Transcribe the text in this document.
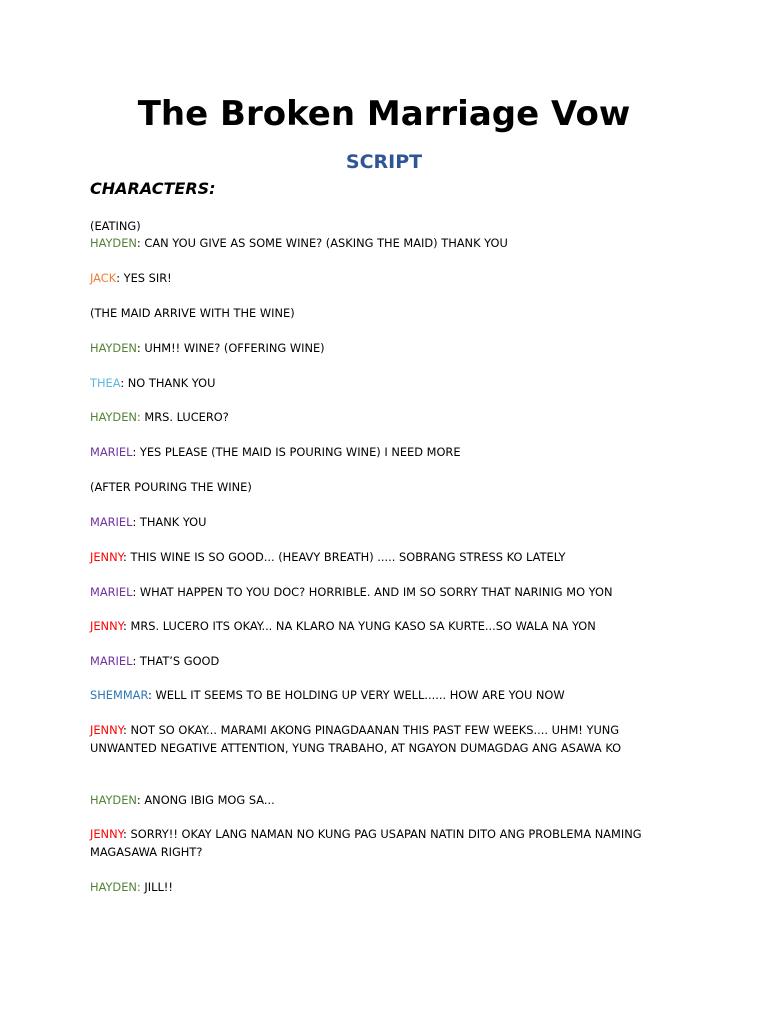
The Broken Marriage Vow
SCRIPT
CHARACTERS:
(EATING)
HAYDEN: CAN YOU GIVE AS SOME WINE? (ASKING THE MAID) THANK YOU
JACK: YES SIR!
(THE MAID ARRIVE WITH THE WINE)
HAYDEN: UHM!! WINE? (OFFERING WINE)
THEA: NO THANK YOU
HAYDEN: MRS. LUCERO?
MARIEL: YES PLEASE (THE MAID IS POURING WINE) I NEED MORE
(AFTER POURING THE WINE)
MARIEL: THANK YOU
JENNY: THIS WINE IS SO GOOD... (HEAVY BREATH) ..... SOBRANG STRESS KO LATELY
MARIEL: WHAT HAPPEN TO YOU DOC? HORRIBLE. AND IM SO SORRY THAT NARINIG MO YON
JENNY: MRS. LUCERO ITS OKAY... NA KLARO NA YUNG KASO SA KURTE...SO WALA NA YON
MARIEL: THAT’S GOOD
SHEMMAR: WELL IT SEEMS TO BE HOLDING UP VERY WELL...... HOW ARE YOU NOW
JENNY: NOT SO OKAY... MARAMI AKONG PINAGDAANAN THIS PAST FEW WEEKS.... UHM! YUNG UNWANTED NEGATIVE ATTENTION, YUNG TRABAHO, AT NGAYON DUMAGDAG ANG ASAWA KO
HAYDEN: ANONG IBIG MOG SA...
JENNY: SORRY!! OKAY LANG NAMAN NO KUNG PAG USAPAN NATIN DITO ANG PROBLEMA NAMING MAGASAWA RIGHT?
HAYDEN: JILL!!
